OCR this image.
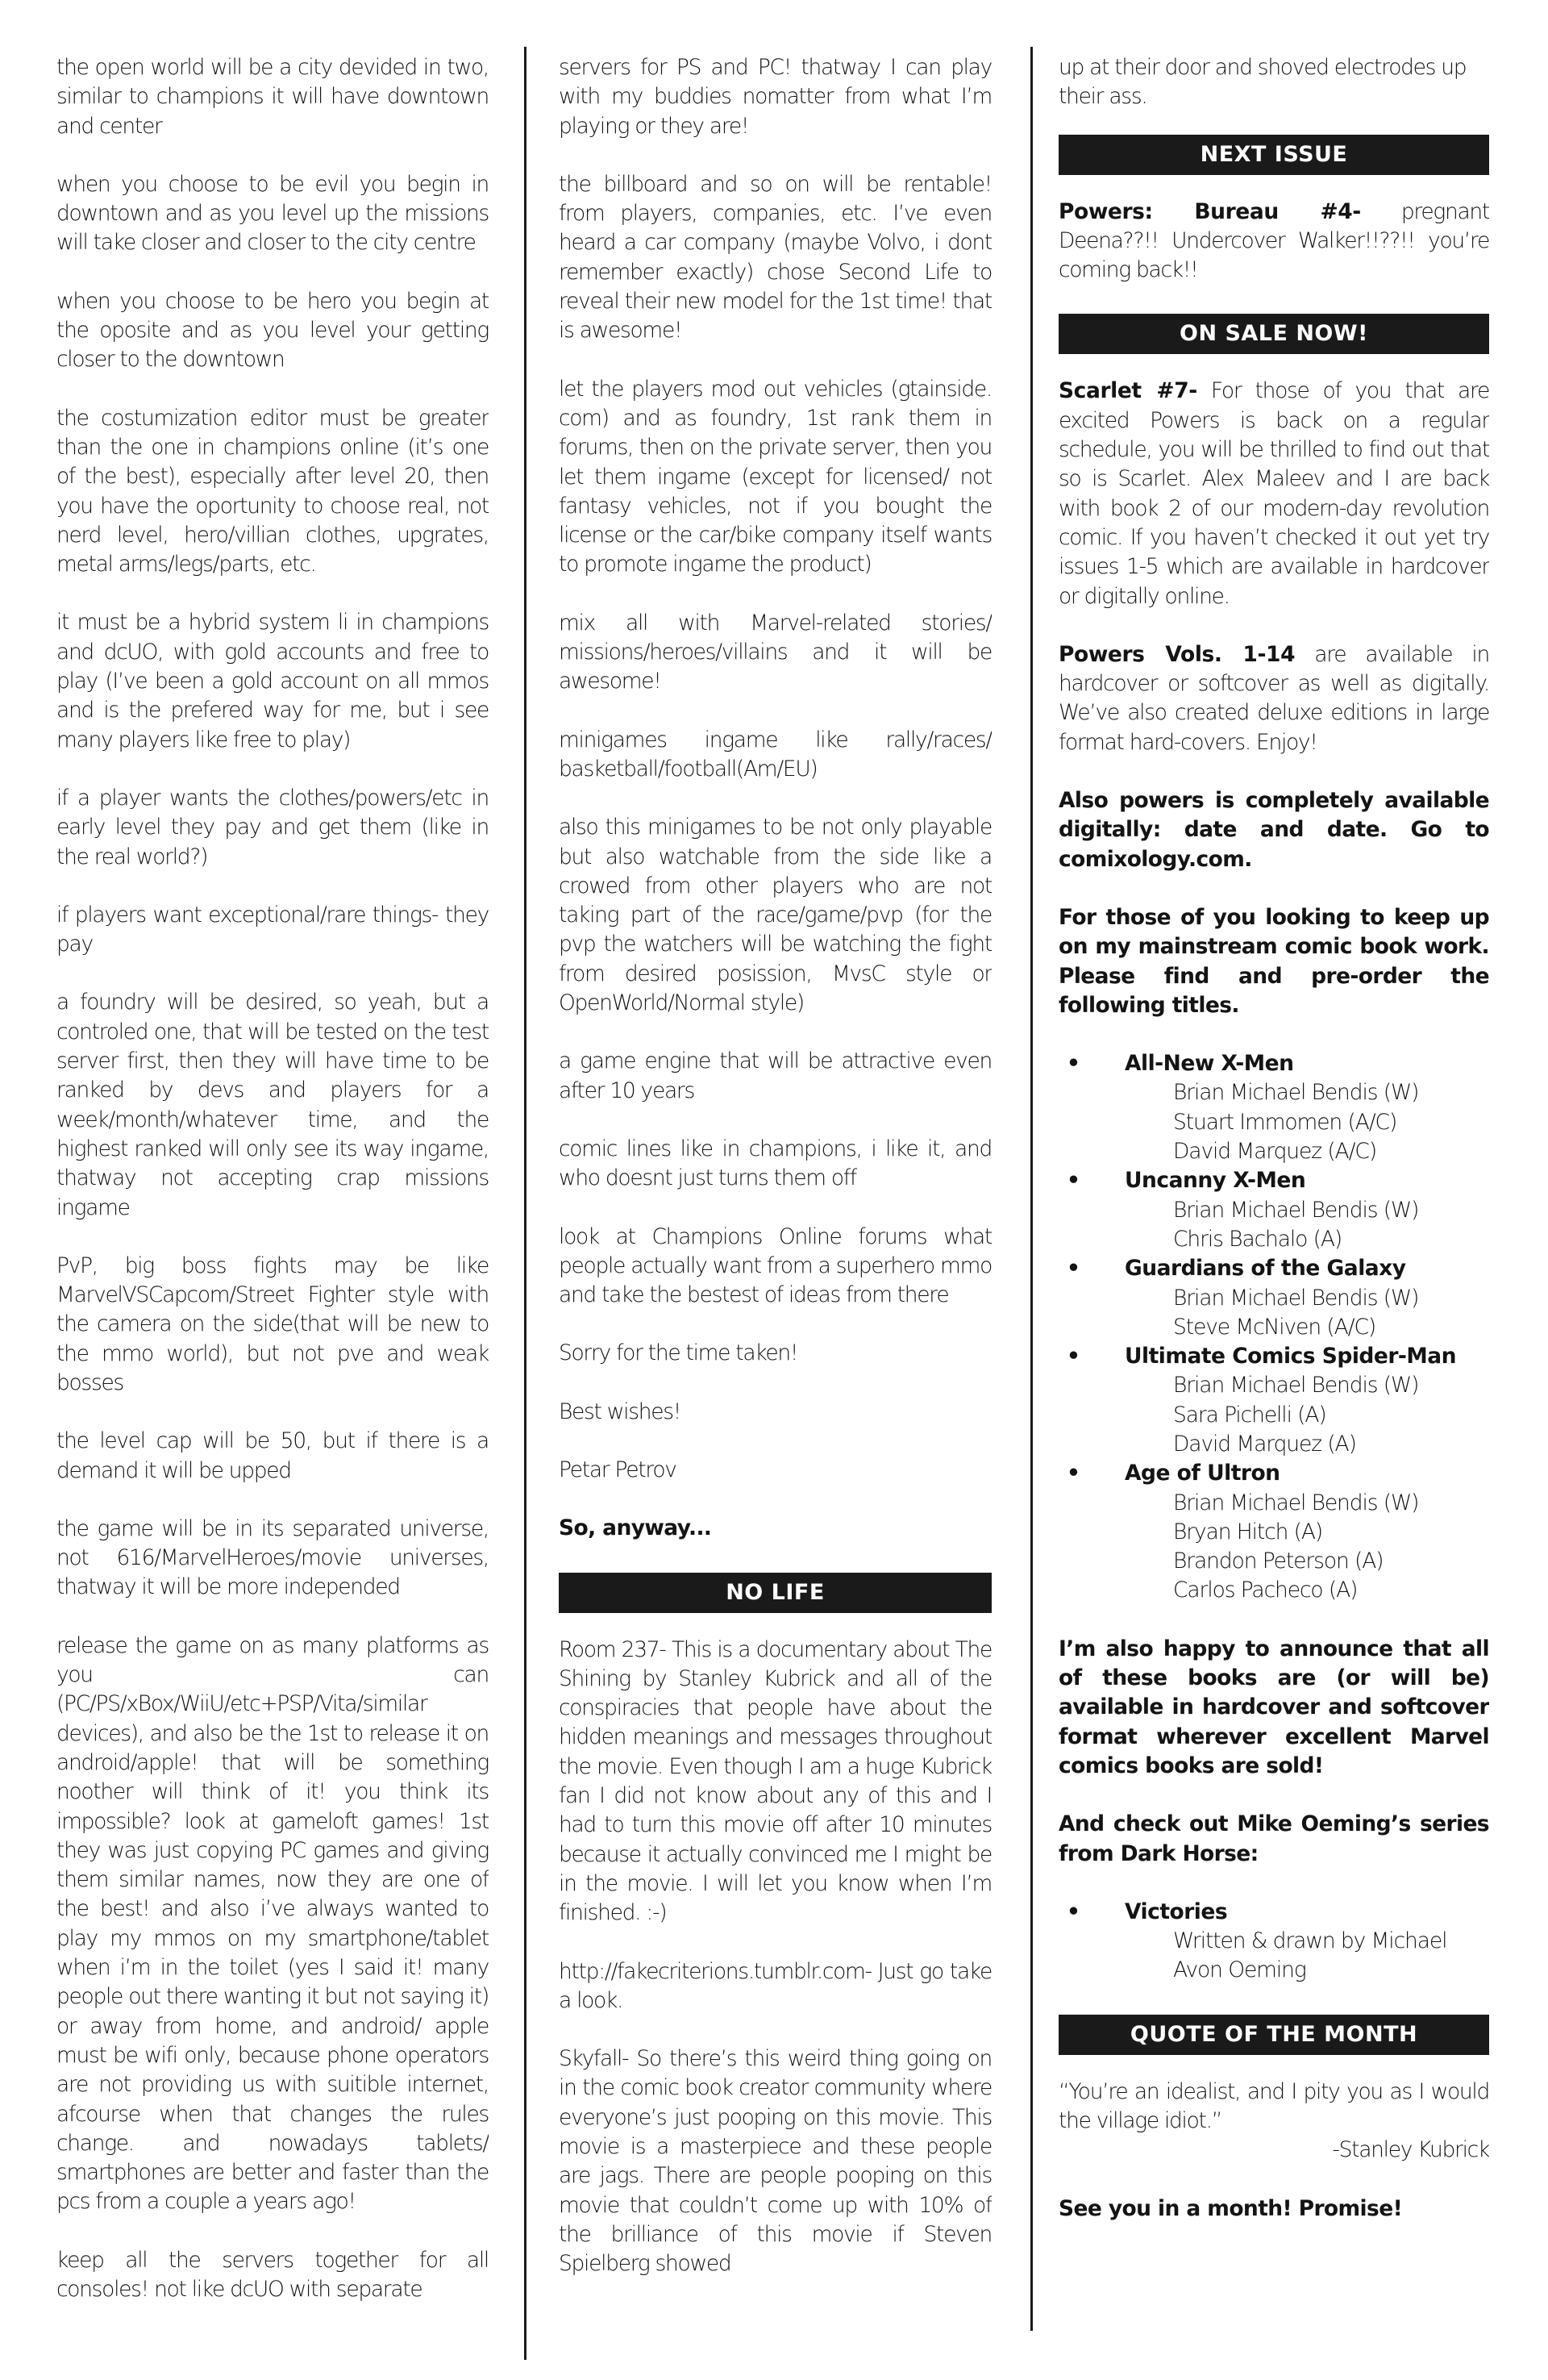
the open world will be a city devided in two, similar to champions it will have downtown and center

when you choose to be evil you begin in downtown and as you level up the missions will take closer and closer to the city centre

when you choose to be hero you begin at the oposite and as you level your getting closer to the downtown

the costumization editor must be greater than the one in champions online (it’s one of the best), especially after level 20, then you have the oportunity to choose real, not nerd level, hero/villian clothes, upgrates, metal arms/legs/parts, etc.

it must be a hybrid system li in champions and dcUO, with gold accounts and free to play (I’ve been a gold account on all mmos and is the prefered way for me, but i see many players like free to play)

if a player wants the clothes/powers/etc in early level they pay and get them (like in the real world?)

if players want exceptional/rare things- they pay

a foundry will be desired, so yeah, but a controled one, that will be tested on the test server first, then they will have time to be ranked by devs and players for a week/month/whatever time, and the highest ranked will only see its way ingame, thatway not accepting crap missions ingame

PvP, big boss fights may be like MarvelVSCapcom/Street Fighter style with the camera on the side(that will be new to the mmo world), but not pve and weak bosses

the level cap will be 50, but if there is a demand it will be upped

the game will be in its separated universe, not 616/MarvelHeroes/movie universes, thatway it will be more independed

release the game on as many platforms as you can (PC/PS/xBox/WiiU/etc+PSP/Vita/similar devices), and also be the 1st to release it on android/apple! that will be something noother will think of it! you think its impossible? look at gameloft games! 1st they was just copying PC games and giving them similar names, now they are one of the best! and also i’ve always wanted to play my mmos on my smartphone/tablet when i’m in the toilet (yes I said it! many people out there wanting it but not saying it) or away from home, and android/ apple must be wifi only, because phone operators are not providing us with suitible internet, afcourse when that changes the rules change. and nowadays tablets/ smartphones are better and faster than the pcs from a couple a years ago!

keep all the servers together for all consoles! not like dcUO with separate

servers for PS and PC! thatway I can play with my buddies nomatter from what I’m playing or they are!

the billboard and so on will be rentable! from players, companies, etc. I’ve even heard a car company (maybe Volvo, i dont remember exactly) chose Second Life to reveal their new model for the 1st time! that is awesome!

let the players mod out vehicles (gtainside. com) and as foundry, 1st rank them in forums, then on the private server, then you let them ingame (except for licensed/ not fantasy vehicles, not if you bought the license or the car/bike company itself wants to promote ingame the product)

mix all with Marvel-related stories/ missions/heroes/villains and it will be awesome!

minigames ingame like rally/races/ basketball/football(Am/EU)

also this minigames to be not only playable but also watchable from the side like a crowed from other players who are not taking part of the race/game/pvp (for the pvp the watchers will be watching the fight from desired posission, MvsC style or OpenWorld/Normal style)

a game engine that will be attractive even after 10 years

comic lines like in champions, i like it, and who doesnt just turns them off

look at Champions Online forums what people actually want from a superhero mmo and take the bestest of ideas from there

Sorry for the time taken!

Best wishes!

Petar Petrov

So, anyway...

NO LIFE

Room 237- This is a documentary about The Shining by Stanley Kubrick and all of the conspiracies that people have about the hidden meanings and messages throughout the movie. Even though I am a huge Kubrick fan I did not know about any of this and I had to turn this movie off after 10 minutes because it actually convinced me I might be in the movie. I will let you know when I’m finished. :-)

http://fakecriterions.tumblr.com- Just go take a look.

Skyfall- So there’s this weird thing going on in the comic book creator community where everyone’s just pooping on this movie. This movie is a masterpiece and these people are jags. There are people pooping on this movie that couldn’t come up with 10% of the brilliance of this movie if Steven Spielberg showed

up at their door and shoved electrodes up their ass.

NEXT ISSUE

Powers: Bureau #4- pregnant Deena??!! Undercover Walker!!??!! you’re coming back!!

ON SALE NOW!

Scarlet #7- For those of you that are excited Powers is back on a regular schedule, you will be thrilled to find out that so is Scarlet. Alex Maleev and I are back with book 2 of our modern-day revolution comic. If you haven’t checked it out yet try issues 1-5 which are available in hardcover or digitally online.

Powers Vols. 1-14 are available in hardcover or softcover as well as digitally. We’ve also created deluxe editions in large format hard-covers. Enjoy!

Also powers is completely available digitally: date and date. Go to comixology.com.

For those of you looking to keep up on my mainstream comic book work. Please find and pre-order the following titles.

•	All-New X-Men
Brian Michael Bendis (W)
Stuart Immomen (A/C)
David Marquez (A/C)
•	Uncanny X-Men
Brian Michael Bendis (W)
Chris Bachalo (A)
•	Guardians of the Galaxy
Brian Michael Bendis (W)
Steve McNiven (A/C)
•	Ultimate Comics Spider-Man
Brian Michael Bendis (W)
Sara Pichelli (A)
David Marquez (A)
•	Age of Ultron
Brian Michael Bendis (W)
Bryan Hitch (A)
Brandon Peterson (A)
Carlos Pacheco (A)

I’m also happy to announce that all of these books are (or will be) available in hardcover and softcover format wherever excellent Marvel comics books are sold!

And check out Mike Oeming’s series from Dark Horse:

•	Victories
Written & drawn by Michael
Avon Oeming
QUOTE OF THE MONTH

“You’re an idealist, and I pity you as I would the village idiot.”

-Stanley Kubrick

See you in a month! Promise!
